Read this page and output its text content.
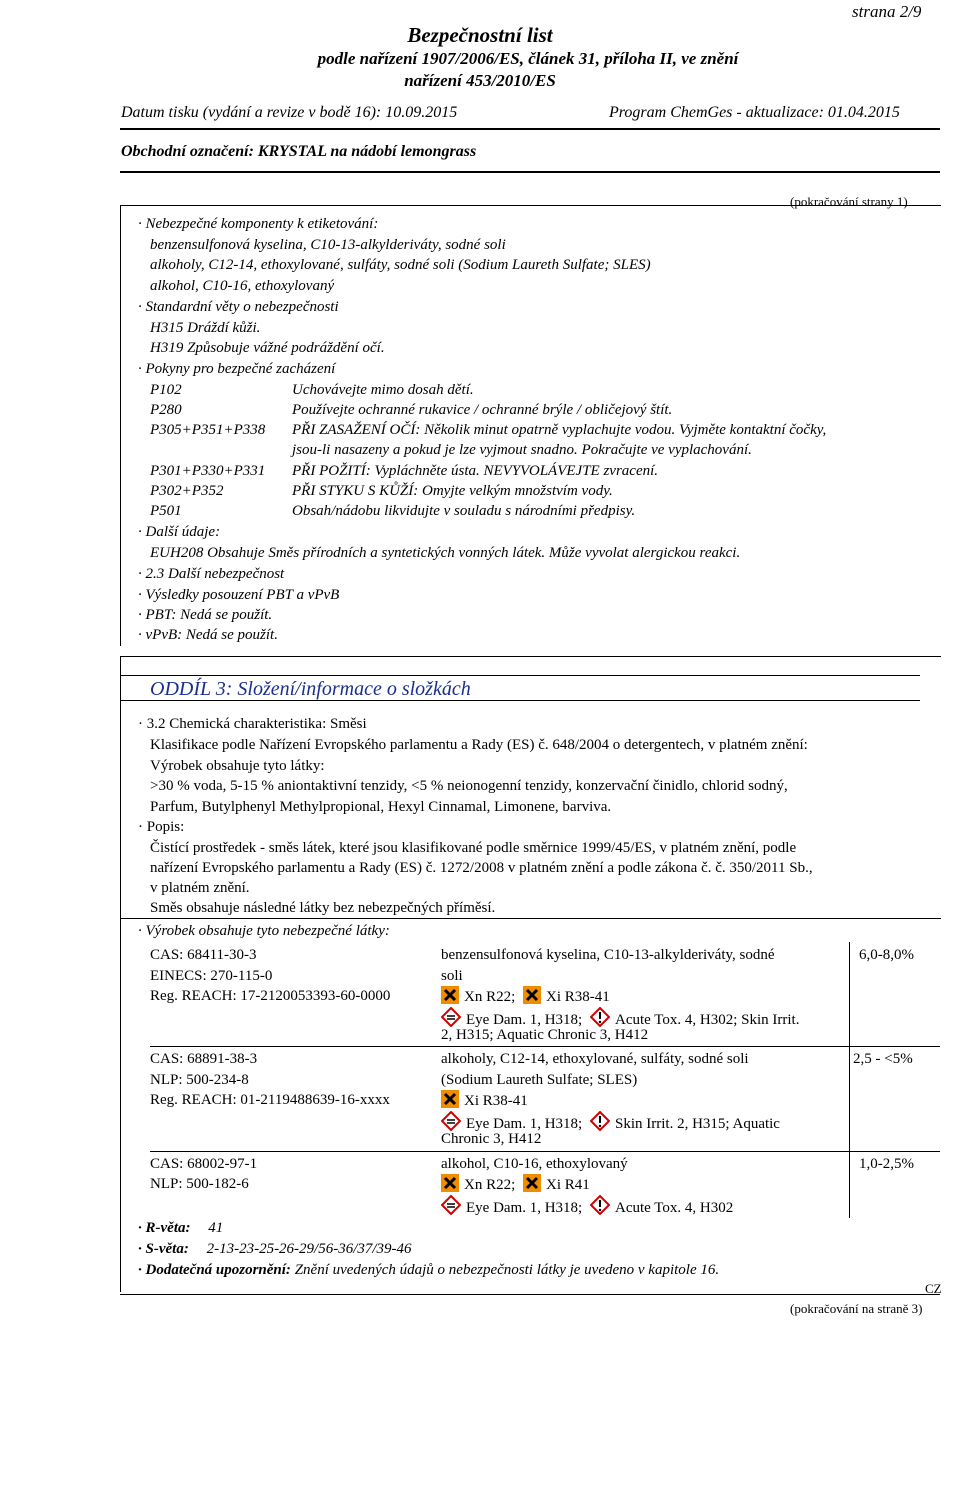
Bezpečnostní list
strana 2/9
podle nařízení 1907/2006/ES, článek 31, příloha II, ve znění
nařízení 453/2010/ES
Datum tisku (vydání a revize v bodě 16): 10.09.2015	Program ChemGes - aktualizace: 01.04.2015
Obchodní označení: KRYSTAL na nádobí lemongrass
(pokračování strany 1)
· Nebezpečné komponenty k etiketování:
benzensulfonová kyselina, C10-13-alkylderiváty, sodné soli
alkoholy, C12-14, ethoxylované, sulfáty, sodné soli (Sodium Laureth Sulfate; SLES)
alkohol, C10-16, ethoxylovaný
· Standardní věty o nebezpečnosti
H315 Dráždí kůži.
H319 Způsobuje vážné podráždění očí.
· Pokyny pro bezpečné zacházení
P102	Uchovávejte mimo dosah dětí.
P280	Používejte ochranné rukavice / ochranné brýle / obličejový štít.
P305+P351+P338 PŘI ZASAŽENÍ OČÍ: Několik minut opatrně vyplachujte vodou. Vyjměte kontaktní čočky,
jsou-li nasazeny a pokud je lze vyjmout snadno. Pokračujte ve vyplachování.
P301+P330+P331 PŘI POŽITÍ: Vypláchněte ústa. NEVYVOLÁVEJTE zvracení.
P302+P352	PŘI STYKU S KŮŽÍ: Omyjte velkým množstvím vody.
P501	Obsah/nádobu likvidujte v souladu s národními předpisy.
· Další údaje:
EUH208 Obsahuje Směs přírodních a syntetických vonných látek. Může vyvolat alergickou reakci.
· 2.3 Další nebezpečnost
· Výsledky posouzení PBT a vPvB
· PBT: Nedá se použít.
· vPvB: Nedá se použít.
ODDÍL 3: Složení/informace o složkách
· 3.2 Chemická charakteristika: Směsi
Klasifikace podle Nařízení Evropského parlamentu a Rady (ES) č. 648/2004 o detergentech, v platném znění:
Výrobek obsahuje tyto látky:
>30 % voda, 5-15 % aniontaktivní tenzidy, <5 % neionogenní tenzidy, konzervační činidlo, chlorid sodný,
Parfum, Butylphenyl Methylpropional, Hexyl Cinnamal, Limonene, barviva.
· Popis:
Čistící prostředek - směs látek, které jsou klasifikované podle směrnice 1999/45/ES, v platném znění, podle
nařízení Evropského parlamentu a Rady (ES) č. 1272/2008 v platném znění a podle zákona č. č. 350/2011 Sb.,
v platném znění.
Směs obsahuje následné látky bez nebezpečných příměsí.
· Výrobek obsahuje tyto nebezpečné látky:
CAS: 68411-30-3
EINECS: 270-115-0
Reg. REACH: 17-2120053393-60-0000
benzensulfonová kyselina, C10-13-alkylderiváty, sodné
soli
Xn R22; Xi R38-41
Eye Dam. 1, H318; Acute Tox. 4, H302; Skin Irrit.
2, H315; Aquatic Chronic 3, H412
6,0-8,0%
CAS: 68891-38-3
NLP: 500-234-8
Reg. REACH: 01-2119488639-16-xxxx
alkoholy, C12-14, ethoxylované, sulfáty, sodné soli
(Sodium Laureth Sulfate; SLES)
Xi R38-41
Eye Dam. 1, H318; Skin Irrit. 2, H315; Aquatic
Chronic 3, H412
2,5 - <5%
CAS: 68002-97-1
NLP: 500-182-6
alkohol, C10-16, ethoxylovaný
Xn R22; Xi R41
Eye Dam. 1, H318; Acute Tox. 4, H302
1,0-2,5%
· R-věta: 41
· S-věta: 2-13-23-25-26-29/56-36/37/39-46
· Dodatečná upozornění: Znění uvedených údajů o nebezpečnosti látky je uvedeno v kapitole 16.
CZ
(pokračování na straně 3)
